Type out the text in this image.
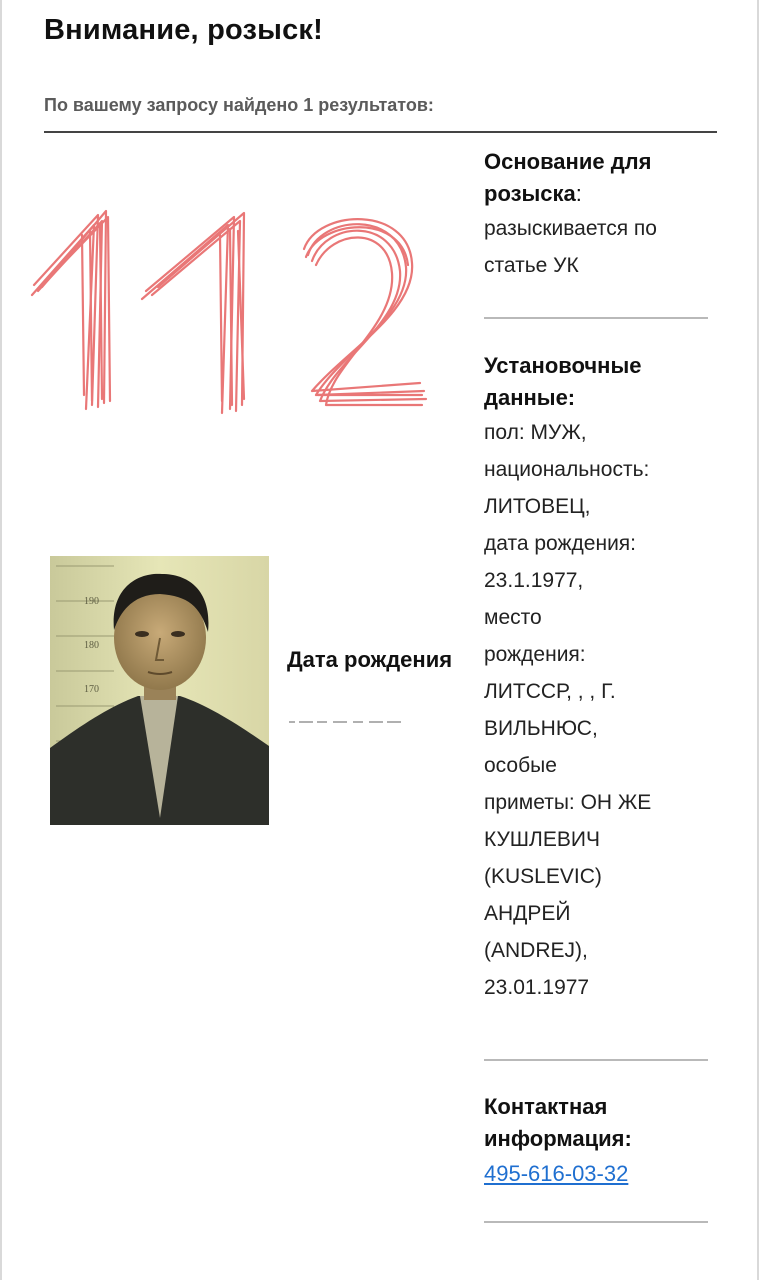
Внимание, розыск!
По вашему запросу найдено 1 результатов:
190
180
170
Дата рождения
Основание для розыска:
разыскивается по статье УК
Установочные данные:
пол: МУЖ,
национальность:
ЛИТОВЕЦ,
дата рождения:
23.1.1977,
место
рождения:
ЛИТССР, , , Г.
ВИЛЬНЮС,
особые
приметы: ОН ЖЕ
КУШЛЕВИЧ
(KUSLEVIC)
АНДРЕЙ
(ANDREJ),
23.01.1977
Контактная информация:
495-616-03-32
